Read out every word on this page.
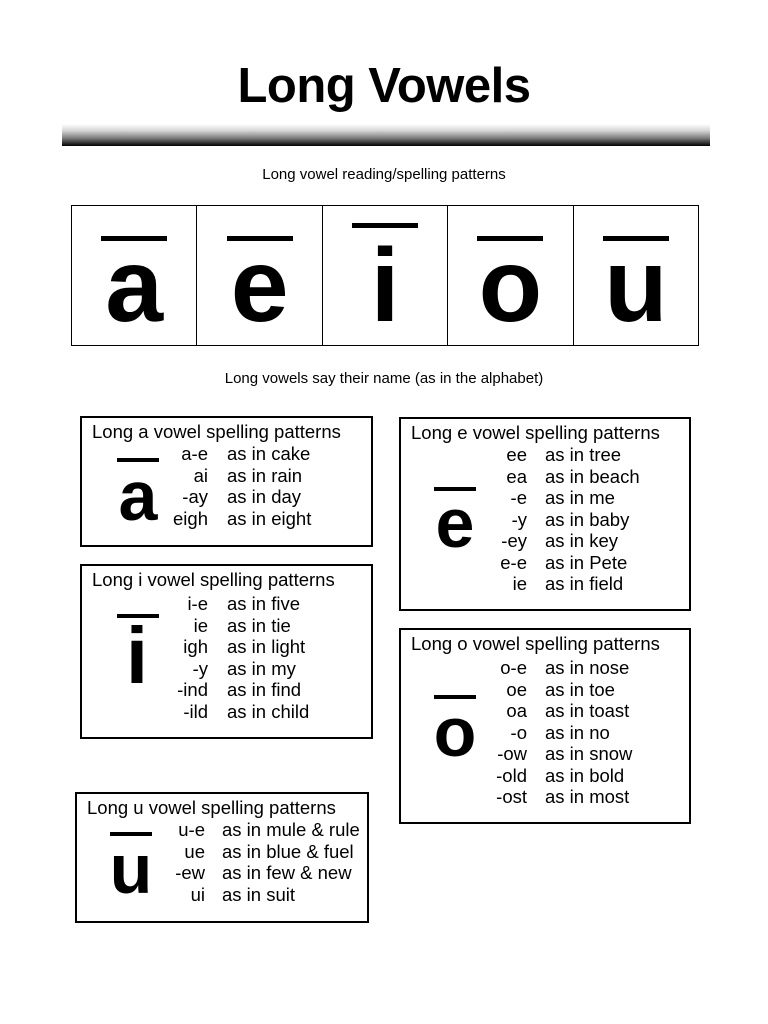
Long Vowels
Long vowel reading/spelling patterns
a e i o u
Long vowels say their name (as in the alphabet)
Long a vowel spelling patterns
a
a-e as in cake
ai as in rain
-ay as in day
eigh as in eight
Long e vowel spelling patterns
e
ee as in tree
ea as in beach
-e as in me
-y as in baby
-ey as in key
e-e as in Pete
ie as in field
Long i vowel spelling patterns
i
i-e as in five
ie as in tie
igh as in light
-y as in my
-ind as in find
-ild as in child
Long o vowel spelling patterns
o
o-e as in nose
oe as in toe
oa as in toast
-o as in no
-ow as in snow
-old as in bold
-ost as in most
Long u vowel spelling patterns
u
u-e as in mule & rule
ue as in blue & fuel
-ew as in few & new
ui as in suit
